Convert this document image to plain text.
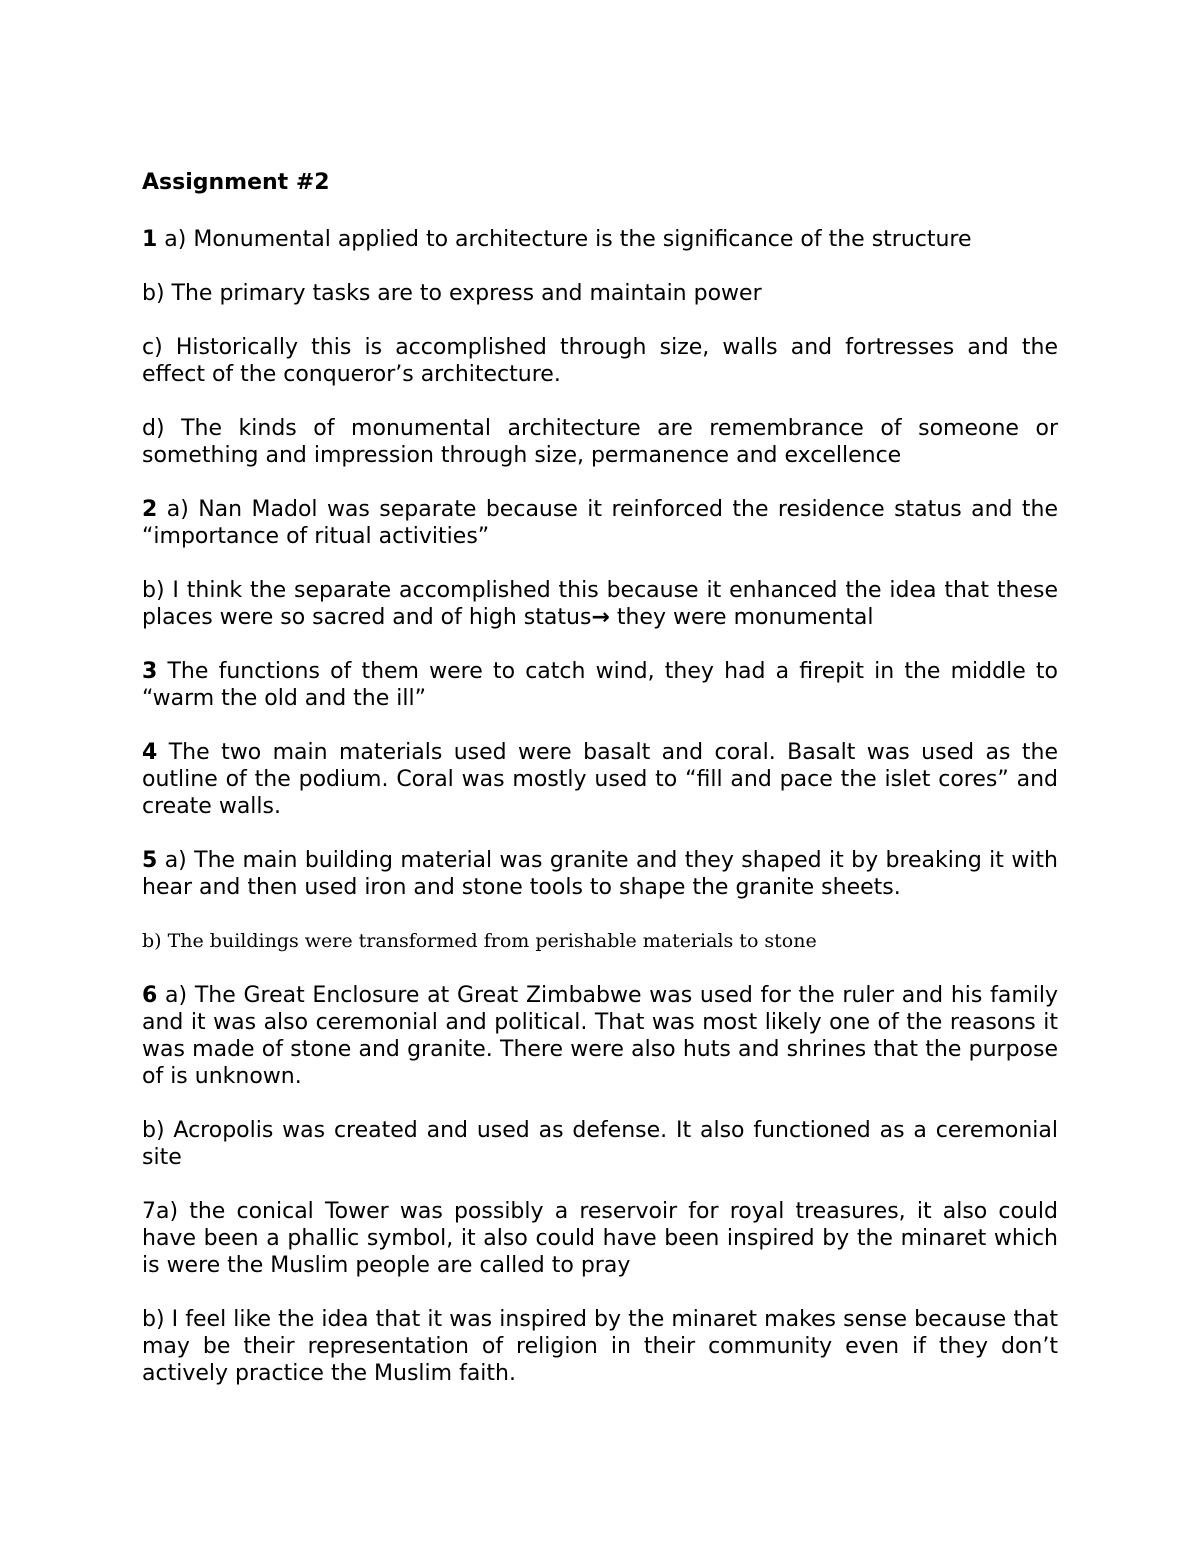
Assignment #2

1 a) Monumental applied to architecture is the significance of the structure

b) The primary tasks are to express and maintain power

c) Historically this is accomplished through size, walls and fortresses and the effect of the conqueror’s architecture.

d) The kinds of monumental architecture are remembrance of someone or something and impression through size, permanence and excellence

2 a) Nan Madol was separate because it reinforced the residence status and the “importance of ritual activities”

b) I think the separate accomplished this because it enhanced the idea that these places were so sacred and of high status→ they were monumental

3 The functions of them were to catch wind, they had a firepit in the middle to “warm the old and the ill”

4 The two main materials used were basalt and coral. Basalt was used as the outline of the podium. Coral was mostly used to “fill and pace the islet cores” and create walls.

5 a) The main building material was granite and they shaped it by breaking it with hear and then used iron and stone tools to shape the granite sheets.

b) The buildings were transformed from perishable materials to stone

6 a) The Great Enclosure at Great Zimbabwe was used for the ruler and his family and it was also ceremonial and political. That was most likely one of the reasons it was made of stone and granite. There were also huts and shrines that the purpose of is unknown.

b) Acropolis was created and used as defense. It also functioned as a ceremonial site

7a) the conical Tower was possibly a reservoir for royal treasures, it also could have been a phallic symbol, it also could have been inspired by the minaret which is were the Muslim people are called to pray

b) I feel like the idea that it was inspired by the minaret makes sense because that may be their representation of religion in their community even if they don’t actively practice the Muslim faith.
